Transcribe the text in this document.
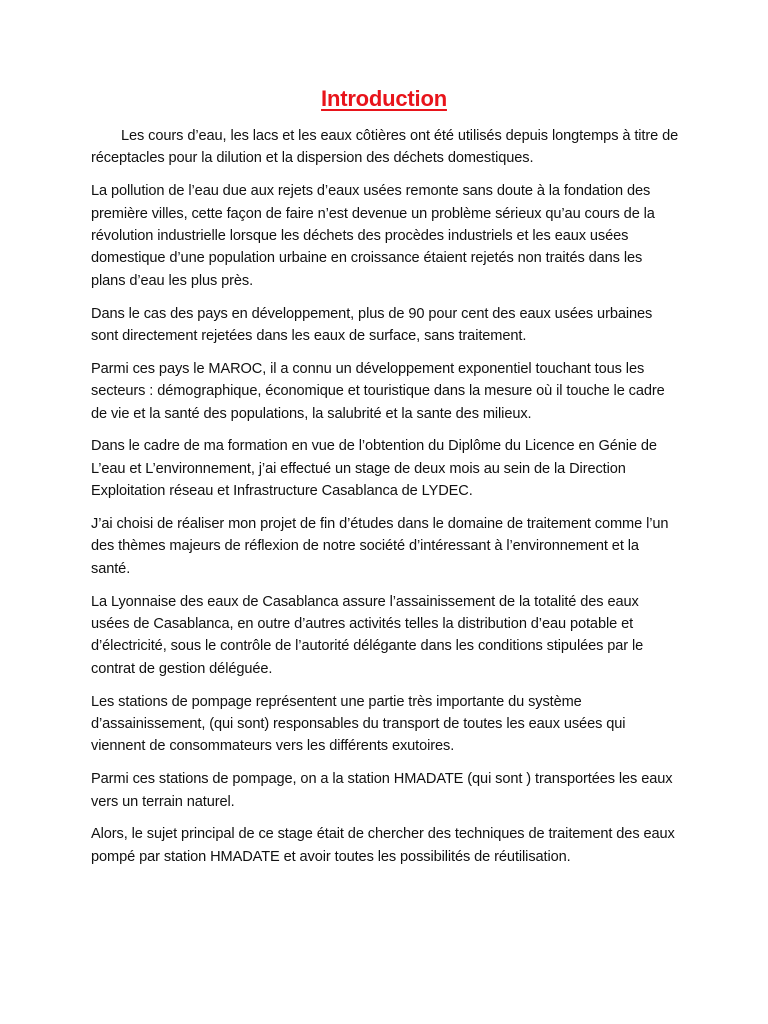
Introduction

Les cours d’eau, les lacs et les eaux côtières ont été utilisés depuis longtemps à titre de réceptacles pour la dilution et la dispersion des déchets domestiques.

La pollution de l’eau due aux rejets d’eaux usées remonte sans doute à la fondation des première villes, cette façon de faire n’est devenue un problème sérieux qu’au cours de la révolution industrielle lorsque les déchets des procèdes industriels et les eaux usées domestique d’une population urbaine en croissance étaient rejetés non traités dans les plans d’eau les plus près.

Dans le cas des pays en développement, plus de 90 pour cent des eaux usées urbaines sont directement rejetées dans les eaux de surface, sans traitement.

Parmi ces pays le MAROC, il a connu un développement exponentiel touchant tous les secteurs : démographique, économique et touristique dans la mesure où il touche le cadre de vie et la santé des populations, la salubrité et la sante des milieux.

Dans le cadre de ma formation en vue de l’obtention du Diplôme du Licence en Génie de L’eau et L’environnement, j’ai effectué un stage de deux mois au sein de la Direction Exploitation réseau et Infrastructure Casablanca de LYDEC.

J’ai choisi de réaliser mon projet de fin d’études dans le domaine de traitement comme l’un des thèmes majeurs de réflexion de notre société d’intéressant à l’environnement et la santé.

La Lyonnaise des eaux de Casablanca assure l’assainissement de la totalité des eaux usées de Casablanca, en outre d’autres activités telles la distribution d’eau potable et d’électricité, sous le contrôle de l’autorité délégante dans les conditions stipulées par le contrat de gestion déléguée.

Les stations de pompage représentent une partie très importante du système d’assainissement, (qui sont) responsables du transport de toutes les eaux usées qui viennent de consommateurs vers les différents exutoires.

Parmi ces stations de pompage, on a la station HMADATE (qui sont ) transportées les eaux vers un terrain naturel.

Alors, le sujet principal de ce stage était de chercher des techniques de traitement des eaux pompé par station HMADATE et avoir toutes les possibilités de réutilisation.
